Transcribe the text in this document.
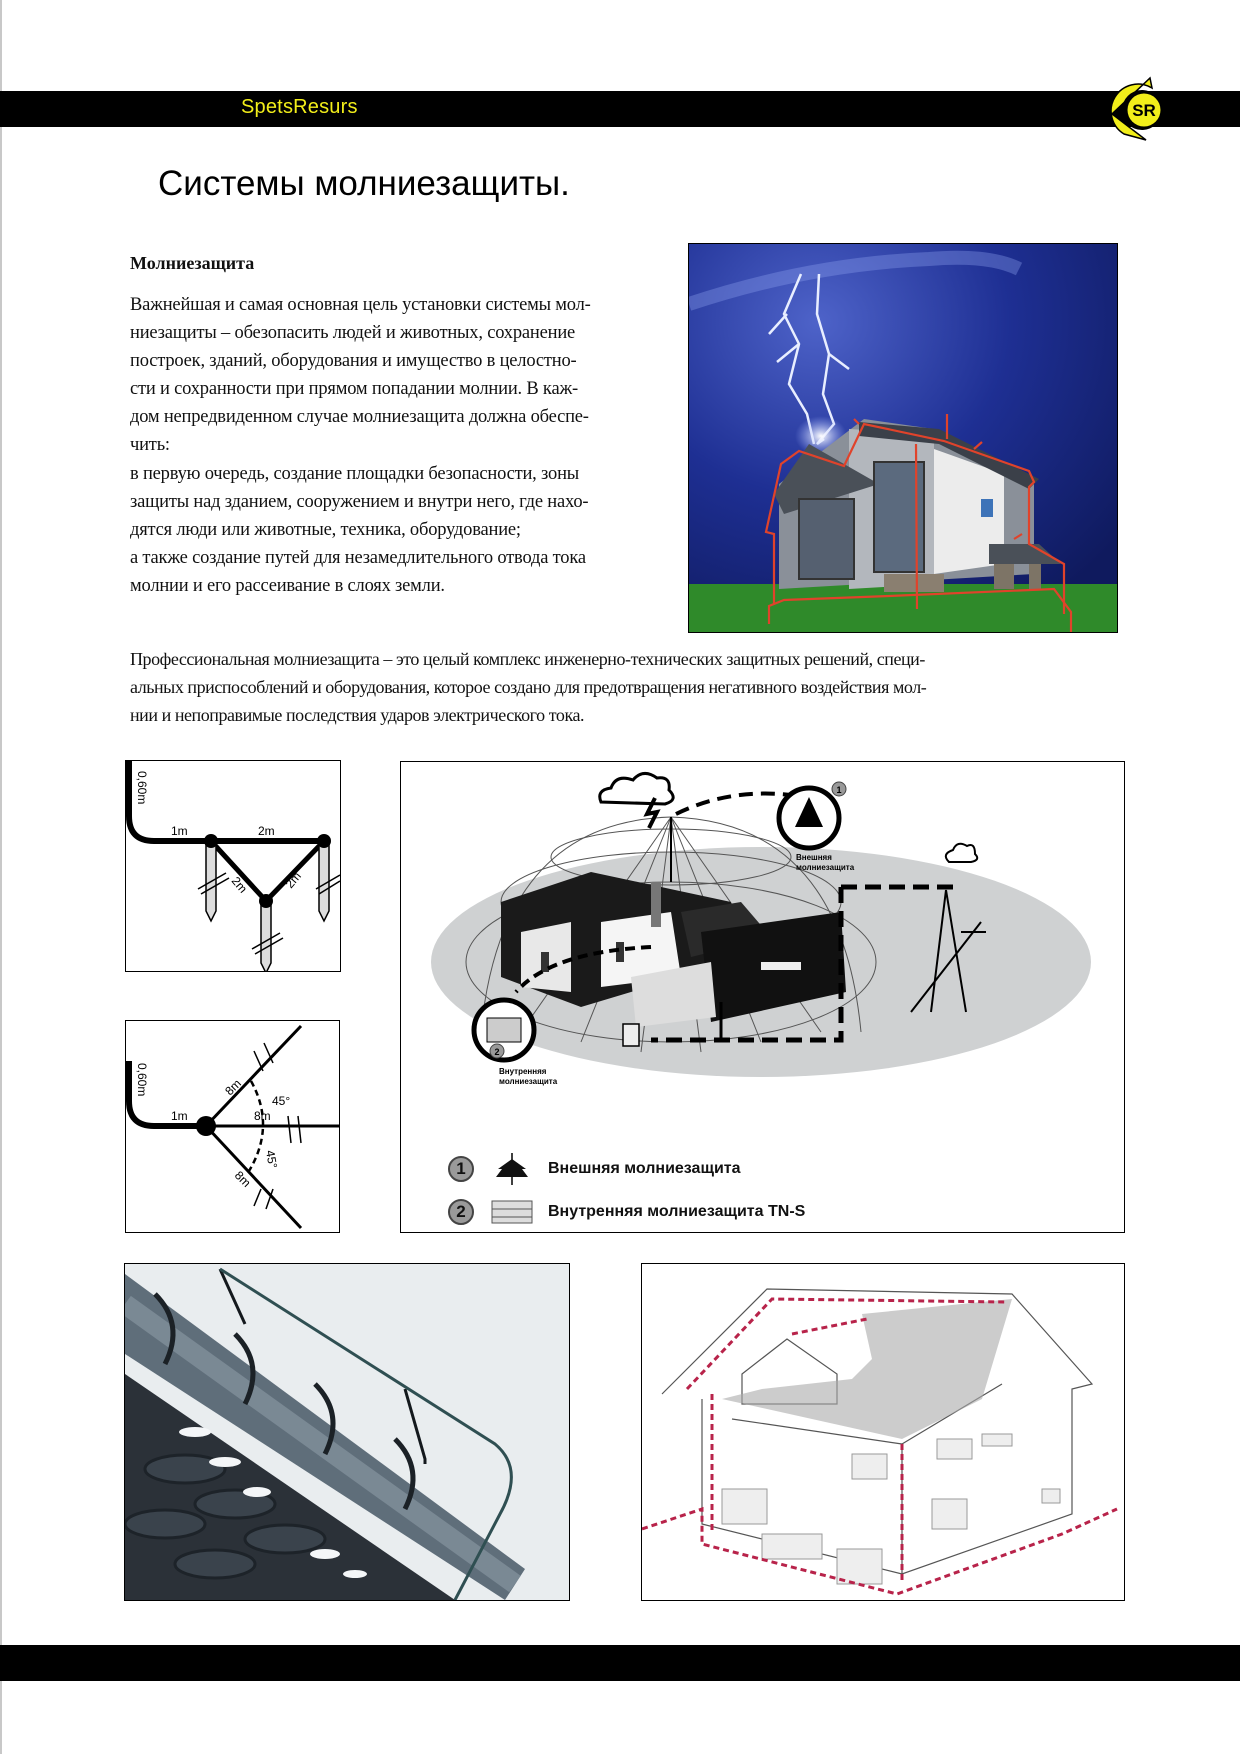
SpetsResurs	SR
Системы молниезащиты.
Молниезащита

Важнейшая и самая основная цель установки системы мол-
ниезащиты – обезопасить людей и животных, сохранение
построек, зданий, оборудования и имущество в целостно-
сти и сохранности при прямом попадании молнии. В каж-
дом непредвиденном случае молниезащита должна обеспе-
чить:
в первую очередь, создание площадки безопасности, зоны
защиты над зданием, сооружением и внутри него, где нахо-
дятся люди или животные, техника, оборудование;
а также создание путей для незамедлительного отвода тока
молнии и его рассеивание в слоях земли.

Профессиональная молниезащита – это целый комплекс инженерно-технических защитных решений, специ-
альных приспособлений и оборудования, которое создано для предотвращения негативного воздействия мол-
нии и непоправимые последствия ударов электрического тока.

0,60m
1m	2m
2m	2m
0,60m
1m
8m
8m
8m
45°
45°
1
Внешняя
молниезащита
2
Внутренняя
молниезащита
1	Внешняя молниезащита
2	Внутренняя молниезащита TN-S
